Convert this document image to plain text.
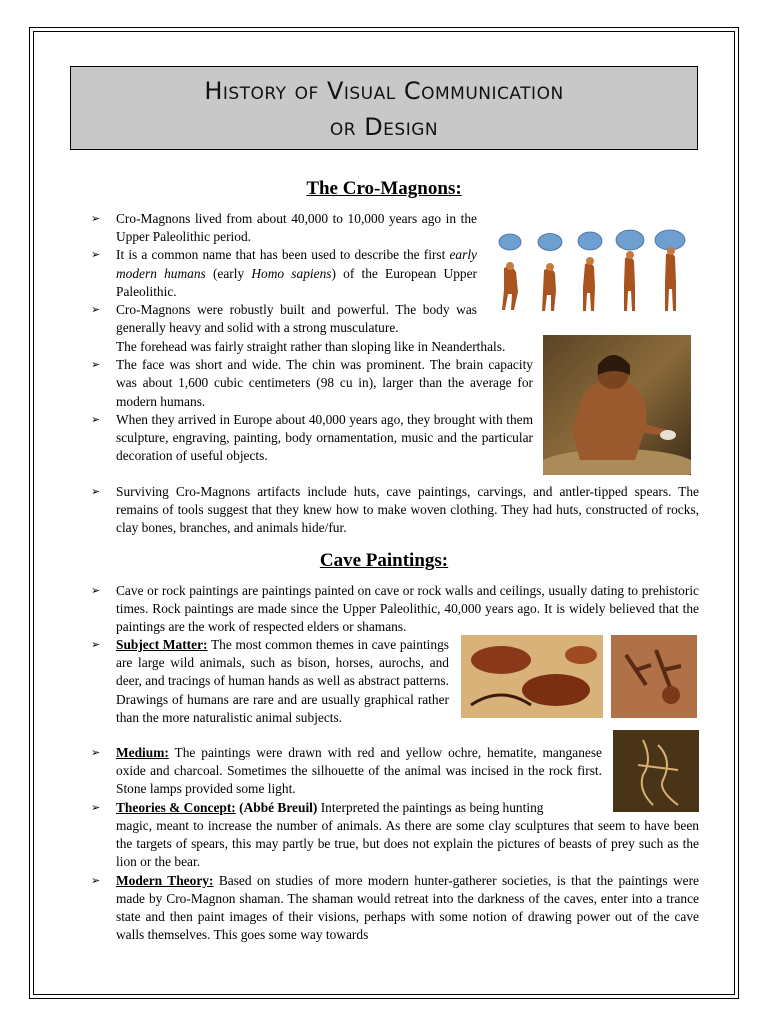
History of Visual Communication
or Design
The Cro-Magnons:
➢ Cro-Magnons lived from about 40,000 to 10,000 years ago in the Upper Paleolithic period.
➢ It is a common name that has been used to describe the first early modern humans (early Homo sapiens) of the European Upper Paleolithic.
➢ Cro-Magnons were robustly built and powerful. The body was generally heavy and solid with a strong musculature.
The forehead was fairly straight rather than sloping like in Neanderthals.
➢ The face was short and wide. The chin was prominent. The brain capacity was about 1,600 cubic centimeters (98 cu in), larger than the average for modern humans.
➢ When they arrived in Europe about 40,000 years ago, they brought with them sculpture, engraving, painting, body ornamentation, music and the particular decoration of useful objects.
➢ Surviving Cro-Magnons artifacts include huts, cave paintings, carvings, and antler-tipped spears. The remains of tools suggest that they knew how to make woven clothing. They had huts, constructed of rocks, clay bones, branches, and animals hide/fur.
Cave Paintings:
➢ Cave or rock paintings are paintings painted on cave or rock walls and ceilings, usually dating to prehistoric times. Rock paintings are made since the Upper Paleolithic, 40,000 years ago. It is widely believed that the paintings are the work of respected elders or shamans.
➢ Subject Matter: The most common themes in cave paintings are large wild animals, such as bison, horses, aurochs, and deer, and tracings of human hands as well as abstract patterns. Drawings of humans are rare and are usually graphical rather than the more naturalistic animal subjects.
➢ Medium: The paintings were drawn with red and yellow ochre, hematite, manganese oxide and charcoal. Sometimes the silhouette of the animal was incised in the rock first. Stone lamps provided some light.
➢ Theories & Concept: (Abbé Breuil) Interpreted the paintings as being hunting
magic, meant to increase the number of animals. As there are some clay sculptures that seem to have been the targets of spears, this may partly be true, but does not explain the pictures of beasts of prey such as the lion or the bear.
➢ Modern Theory: Based on studies of more modern hunter-gatherer societies, is that the paintings were made by Cro-Magnon shaman. The shaman would retreat into the darkness of the caves, enter into a trance state and then paint images of their visions, perhaps with some notion of drawing power out of the cave walls themselves. This goes some way towards
